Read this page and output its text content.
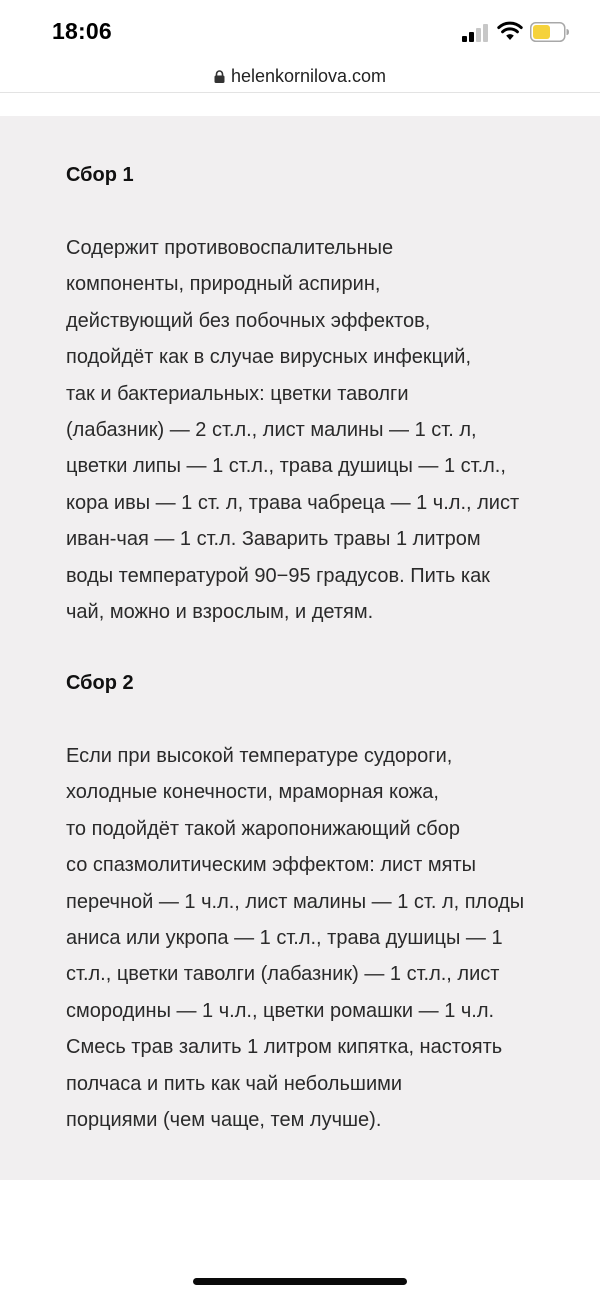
18:06
helenkornilova.com
Сбор 1
Содержит противовоспалительные
компоненты, природный аспирин,
действующий без побочных эффектов,
подойдёт как в случае вирусных инфекций,
так и бактериальных: цветки таволги
(лабазник) — 2 ст.л., лист малины — 1 ст. л,
цветки липы — 1 ст.л., трава душицы — 1 ст.л.,
кора ивы — 1 ст. л, трава чабреца — 1 ч.л., лист
иван-чая — 1 ст.л. Заварить травы 1 литром
воды температурой 90−95 градусов. Пить как
чай, можно и взрослым, и детям.
Сбор 2
Если при высокой температуре судороги,
холодные конечности, мраморная кожа,
то подойдёт такой жаропонижающий сбор
со спазмолитическим эффектом: лист мяты
перечной — 1 ч.л., лист малины — 1 ст. л, плоды
аниса или укропа — 1 ст.л., трава душицы — 1
ст.л., цветки таволги (лабазник) — 1 ст.л., лист
смородины — 1 ч.л., цветки ромашки — 1 ч.л.
Смесь трав залить 1 литром кипятка, настоять
полчаса и пить как чай небольшими
порциями (чем чаще, тем лучше).
